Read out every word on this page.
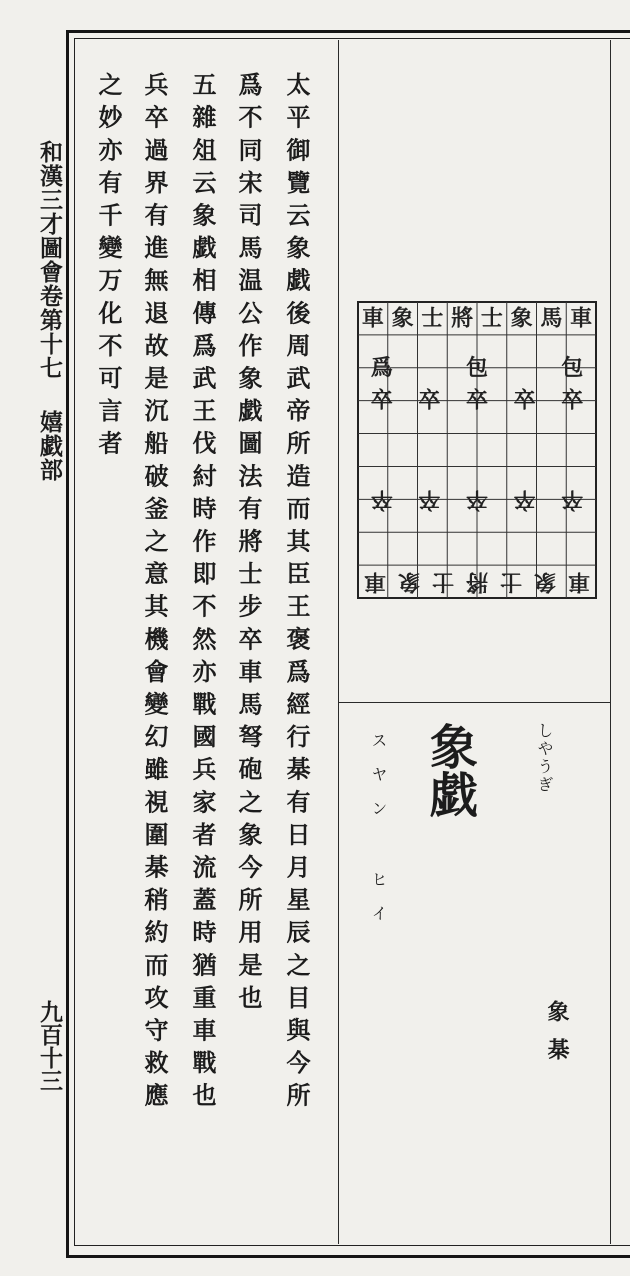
和漢三才圖會卷第十七
嬉戯部
九百十三	太平御覽云象戯後周武帝所造而其臣王褒爲經行棊有日月星辰之目與今所
爲不同宋司馬温公作象戯圖法有將士步卒車馬弩砲之象今所用是也
五雜俎云象戯相傳爲武王伐紂時作即不然亦戰國兵家者流蓋時猶重車戰也
兵卒過界有進無退故是沉船破釜之意其機會變幻雖視圍棊稍約而攻守救應
之妙亦有千變万化不可言者	車 象 士 將 士 象 馬 車
爲	包	包
卒 卒 卒 卒 卒
卒 卒 卒 卒 卒
車 象 士 將 士 象 車
象戯	しやうぎ
スヤン ヒイ
象棊
